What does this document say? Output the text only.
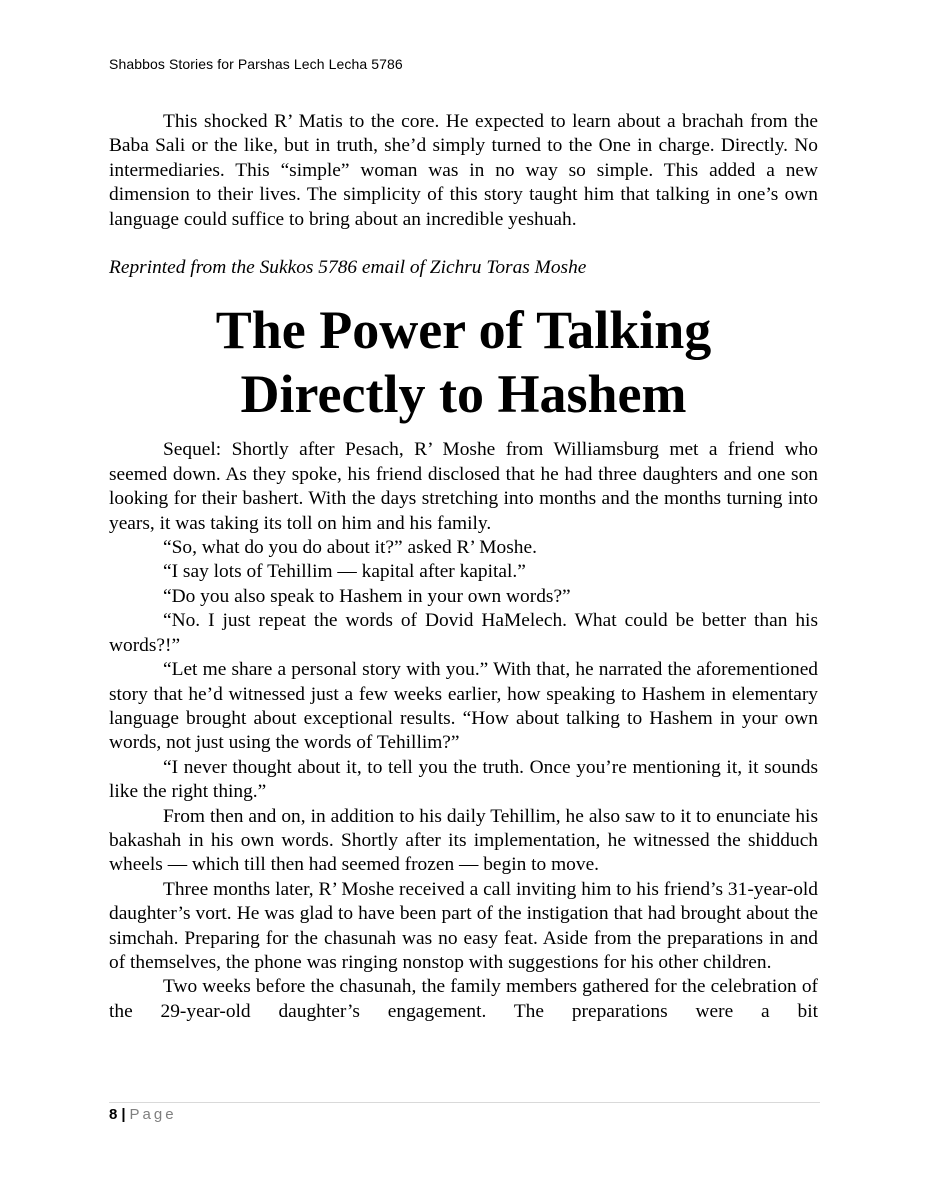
Shabbos Stories for Parshas Lech Lecha 5786

This shocked R’ Matis to the core. He expected to learn about a brachah from the Baba Sali or the like, but in truth, she’d simply turned to the One in charge. Directly. No intermediaries. This “simple” woman was in no way so simple. This added a new dimension to their lives. The simplicity of this story taught him that talking in one’s own language could suffice to bring about an incredible yeshuah.

Reprinted from the Sukkos 5786 email of Zichru Toras Moshe

The Power of Talking
Directly to Hashem

Sequel: Shortly after Pesach, R’ Moshe from Williamsburg met a friend who seemed down. As they spoke, his friend disclosed that he had three daughters and one son looking for their bashert. With the days stretching into months and the months turning into years, it was taking its toll on him and his family.

“So, what do you do about it?” asked R’ Moshe.

“I say lots of Tehillim — kapital after kapital.”

“Do you also speak to Hashem in your own words?”

“No. I just repeat the words of Dovid HaMelech. What could be better than his words?!”

“Let me share a personal story with you.” With that, he narrated the aforementioned story that he’d witnessed just a few weeks earlier, how speaking to Hashem in elementary language brought about exceptional results. “How about talking to Hashem in your own words, not just using the words of Tehillim?”

“I never thought about it, to tell you the truth. Once you’re mentioning it, it sounds like the right thing.”

From then and on, in addition to his daily Tehillim, he also saw to it to enunciate his bakashah in his own words. Shortly after its implementation, he witnessed the shidduch wheels — which till then had seemed frozen — begin to move.

Three months later, R’ Moshe received a call inviting him to his friend’s 31-year-old daughter’s vort. He was glad to have been part of the instigation that had brought about the simchah. Preparing for the chasunah was no easy feat. Aside from the preparations in and of themselves, the phone was ringing nonstop with suggestions for his other children.

Two weeks before the chasunah, the family members gathered for the celebration of the 29-year-old daughter’s engagement. The preparations were a bit

8 | Page
